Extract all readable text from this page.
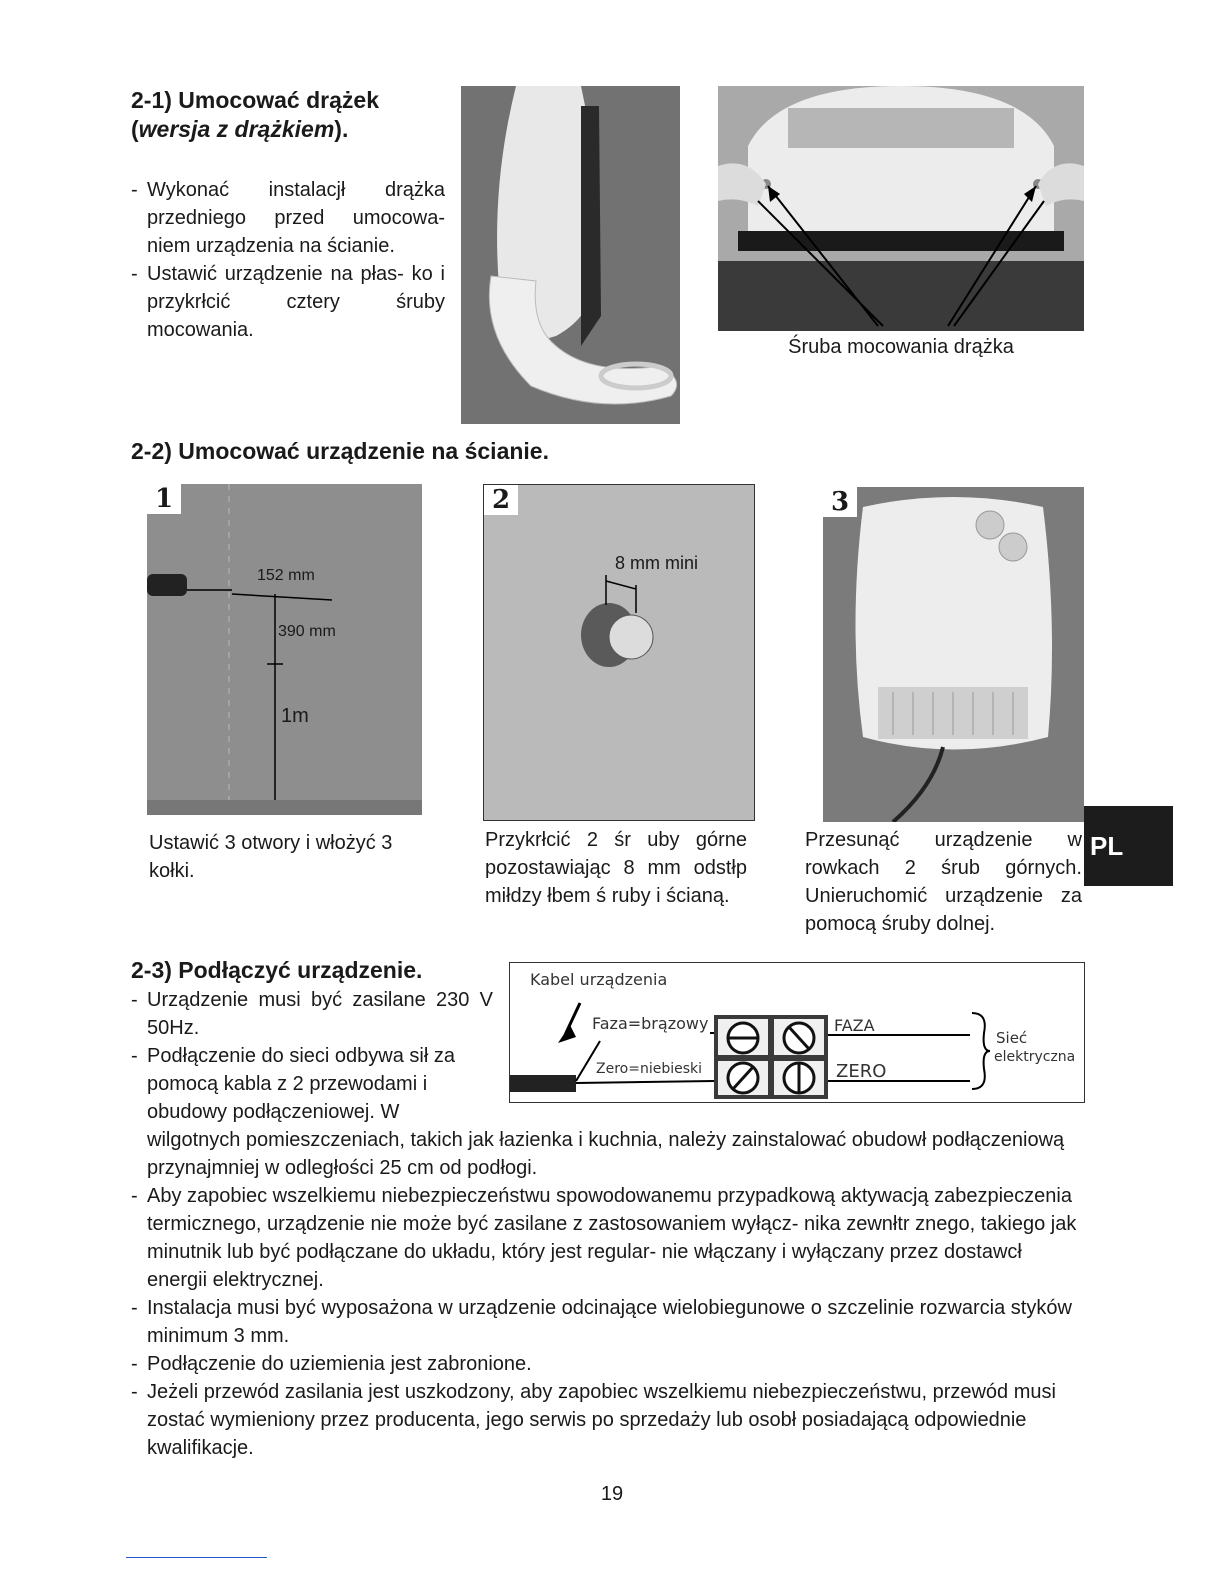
2-1) Umocować drążek
(wersja z drążkiem).
- Wykonać instalacjł drążka przedniego przed umocowa- niem urządzenia na ścianie.
- Ustawić urządzenie na płas- ko i przykrłcić cztery śruby mocowania.
Śruba mocowania drążka
2-2) Umocować urządzenie na ścianie.
1
152 mm
390 mm
1m
2
8 mm mini
3
Ustawić 3 otwory i włożyć 3 kołki.
Przykrłcić 2 śr uby górne pozostawiając 8 mm odstłp miłdzy łbem ś ruby i ścianą.
Przesunąć urządzenie w rowkach 2 śrub górnych. Unieruchomić urządzenie za pomocą śruby dolnej.
PL
2-3) Podłączyć urządzenie.	Kabel urządzenia
Faza=brązowy
Zero=niebieski
FAZA
ZERO
Sieć
elektryczna
- Urządzenie musi być zasilane 230 V 50Hz.
- Podłączenie do sieci odbywa sił za pomocą kabla z 2 przewodami i obudowy podłączeniowej. W wilgotnych pomieszczeniach, takich jak łazienka i kuchnia, należy zainstalować obudowł podłączeniową przynajmniej w odległości 25 cm od podłogi.
- Aby zapobiec wszelkiemu niebezpieczeństwu spowodowanemu przypadkową aktywacją zabezpieczenia termicznego, urządzenie nie może być zasilane z zastosowaniem wyłącz- nika zewnłtr znego, takiego jak minutnik lub być podłączane do układu, który jest regular- nie włączany i wyłączany przez dostawcł energii elektrycznej.
- Instalacja musi być wyposażona w urządzenie odcinające wielobiegunowe o szczelinie rozwarcia styków minimum 3 mm.
- Podłączenie do uziemienia jest zabronione.
- Jeżeli przewód zasilania jest uszkodzony, aby zapobiec wszelkiemu niebezpieczeństwu, przewód musi zostać wymieniony przez producenta, jego serwis po sprzedaży lub osobł posiadającą odpowiednie kwalifikacje.
19
